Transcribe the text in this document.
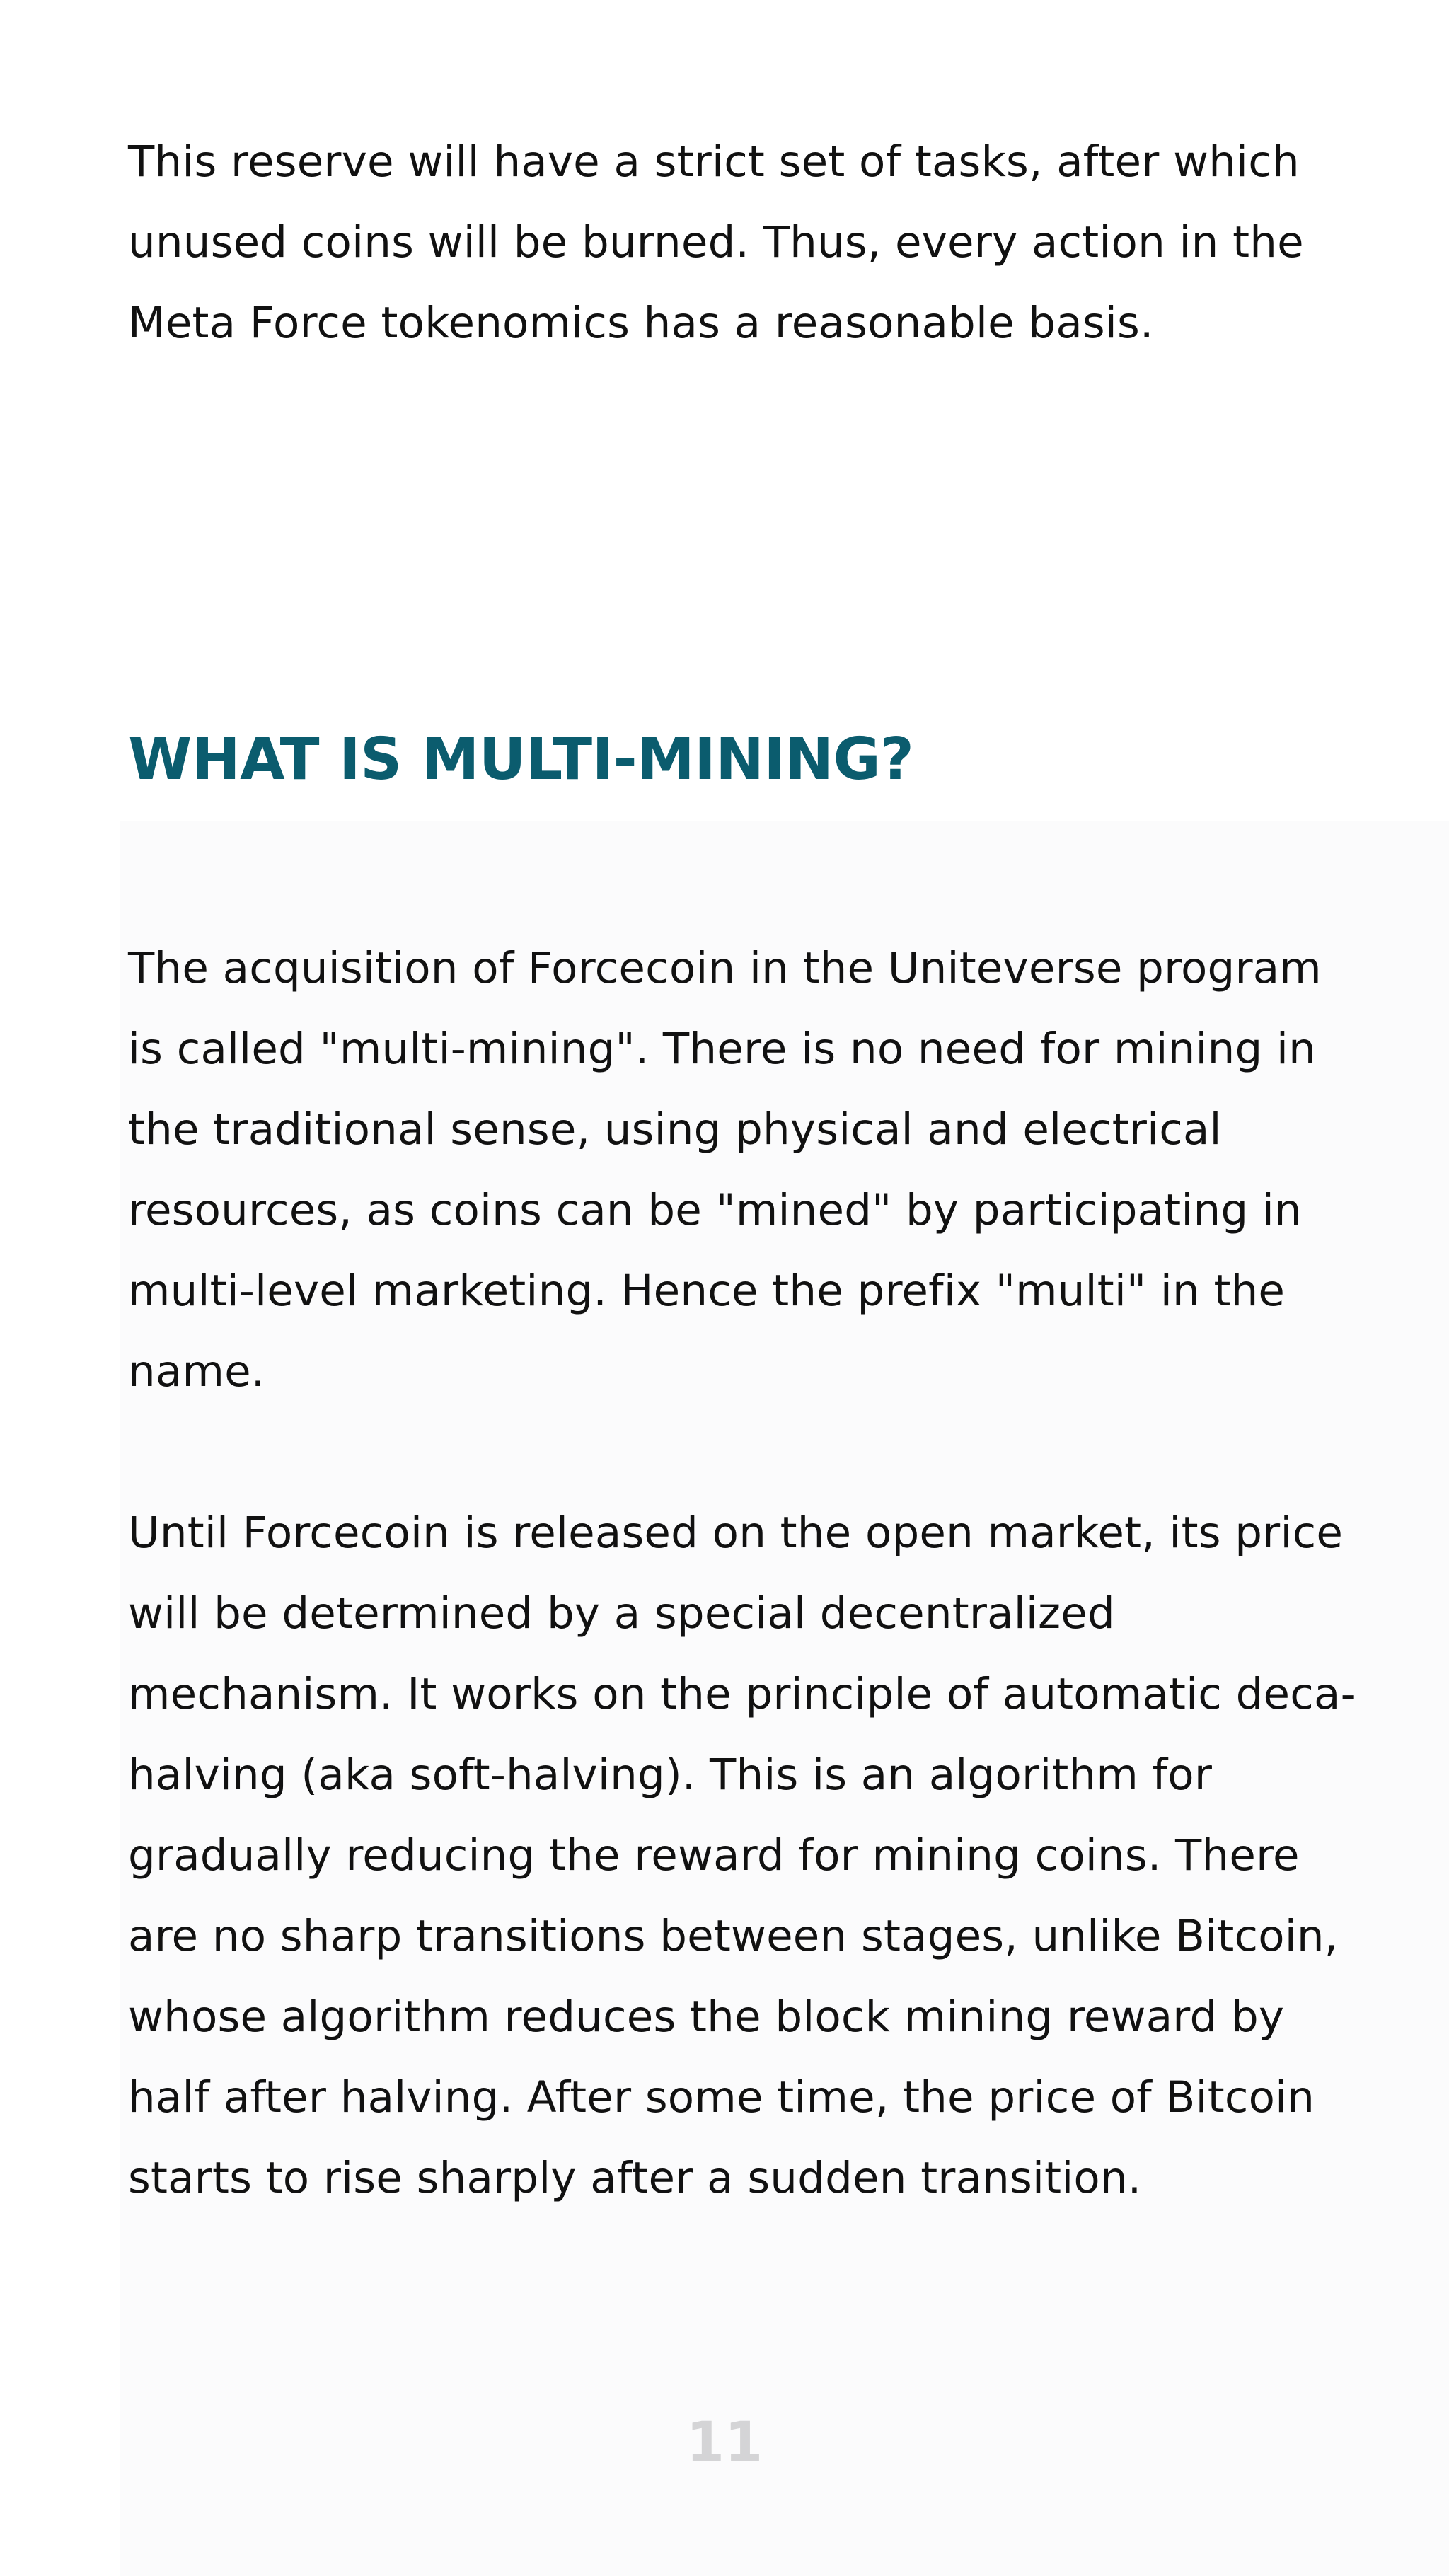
This reserve will have a strict set of tasks, after which unused coins will be burned. Thus, every action in the Meta Force tokenomics has a reasonable basis.

WHAT IS MULTI-MINING?

The acquisition of Forcecoin in the Uniteverse program is called "multi-mining". There is no need for mining in the traditional sense, using physical and electrical resources, as coins can be "mined" by participating in multi-level marketing. Hence the prefix "multi" in the name.

Until Forcecoin is released on the open market, its price will be determined by a special decentralized mechanism. It works on the principle of automatic deca-halving (aka soft-halving). This is an algorithm for gradually reducing the reward for mining coins. There are no sharp transitions between stages, unlike Bitcoin, whose algorithm reduces the block mining reward by half after halving. After some time, the price of Bitcoin starts to rise sharply after a sudden transition.

11
